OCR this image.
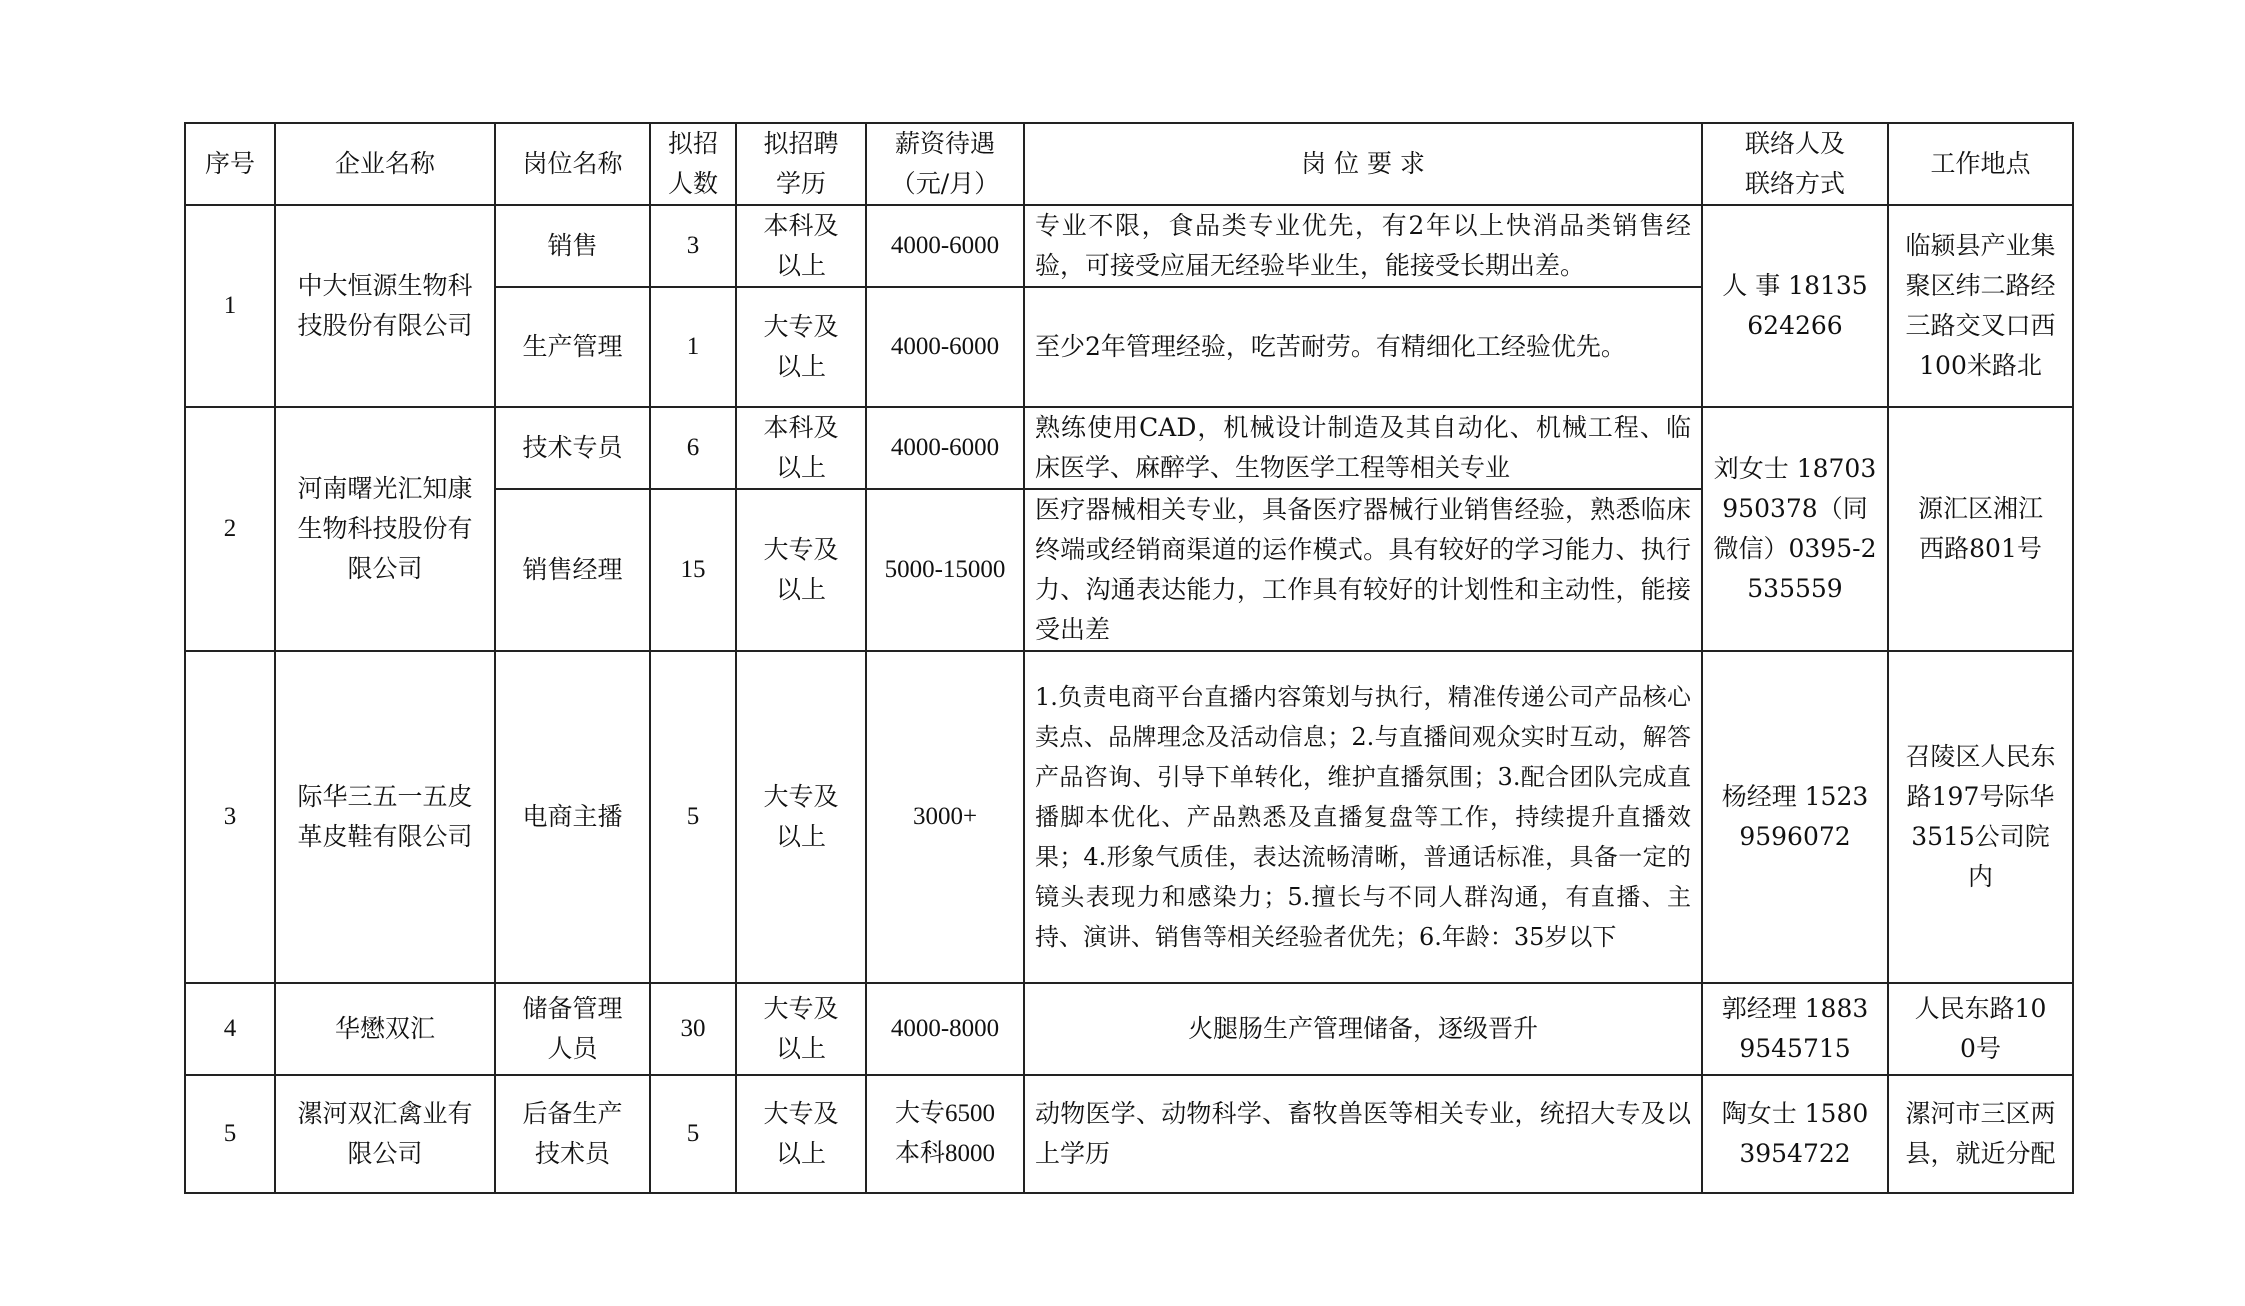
序号	企业名称	岗位名称	拟招人数	拟招聘学历	薪资待遇（元/月）	岗 位 要 求	联络人及联络方式	工作地点
1	中大恒源生物科技股份有限公司	销售	3	本科及以上	4000-6000	专业不限，食品类专业优先，有2年以上快消品类销售经验，可接受应届无经验毕业生，能接受长期出差。	人 事 18135624266	临颍县产业集聚区纬二路经三路交叉口西100米路北
		生产管理	1	大专及以上	4000-6000	至少2年管理经验，吃苦耐劳。有精细化工经验优先。		
2	河南曙光汇知康生物科技股份有限公司	技术专员	6	本科及以上	4000-6000	熟练使用CAD，机械设计制造及其自动化、机械工程、临床医学、麻醉学、生物医学工程等相关专业	刘女士 18703950378（同微信）0395-2535559	源汇区湘江西路801号
		销售经理	15	大专及以上	5000-15000	医疗器械相关专业，具备医疗器械行业销售经验，熟悉临床终端或经销商渠道的运作模式。具有较好的学习能力、执行力、沟通表达能力，工作具有较好的计划性和主动性，能接受出差		
3	际华三五一五皮革皮鞋有限公司	电商主播	5	大专及以上	3000+	1.负责电商平台直播内容策划与执行，精准传递公司产品核心卖点、品牌理念及活动信息；2.与直播间观众实时互动，解答产品咨询、引导下单转化，维护直播氛围；3.配合团队完成直播脚本优化、产品熟悉及直播复盘等工作，持续提升直播效果；4.形象气质佳，表达流畅清晰，普通话标准，具备一定的镜头表现力和感染力；5.擅长与不同人群沟通，有直播、主持、演讲、销售等相关经验者优先；6.年龄：35岁以下	杨经理 15239596072	召陵区人民东路197号际华3515公司院内
4	华懋双汇	储备管理人员	30	大专及以上	4000-8000	火腿肠生产管理储备，逐级晋升	郭经理 18839545715	人民东路100号
5	漯河双汇禽业有限公司	后备生产技术员	5	大专及以上	大专6500 本科8000	动物医学、动物科学、畜牧兽医等相关专业，统招大专及以上学历	陶女士 15803954722	漯河市三区两县，就近分配
